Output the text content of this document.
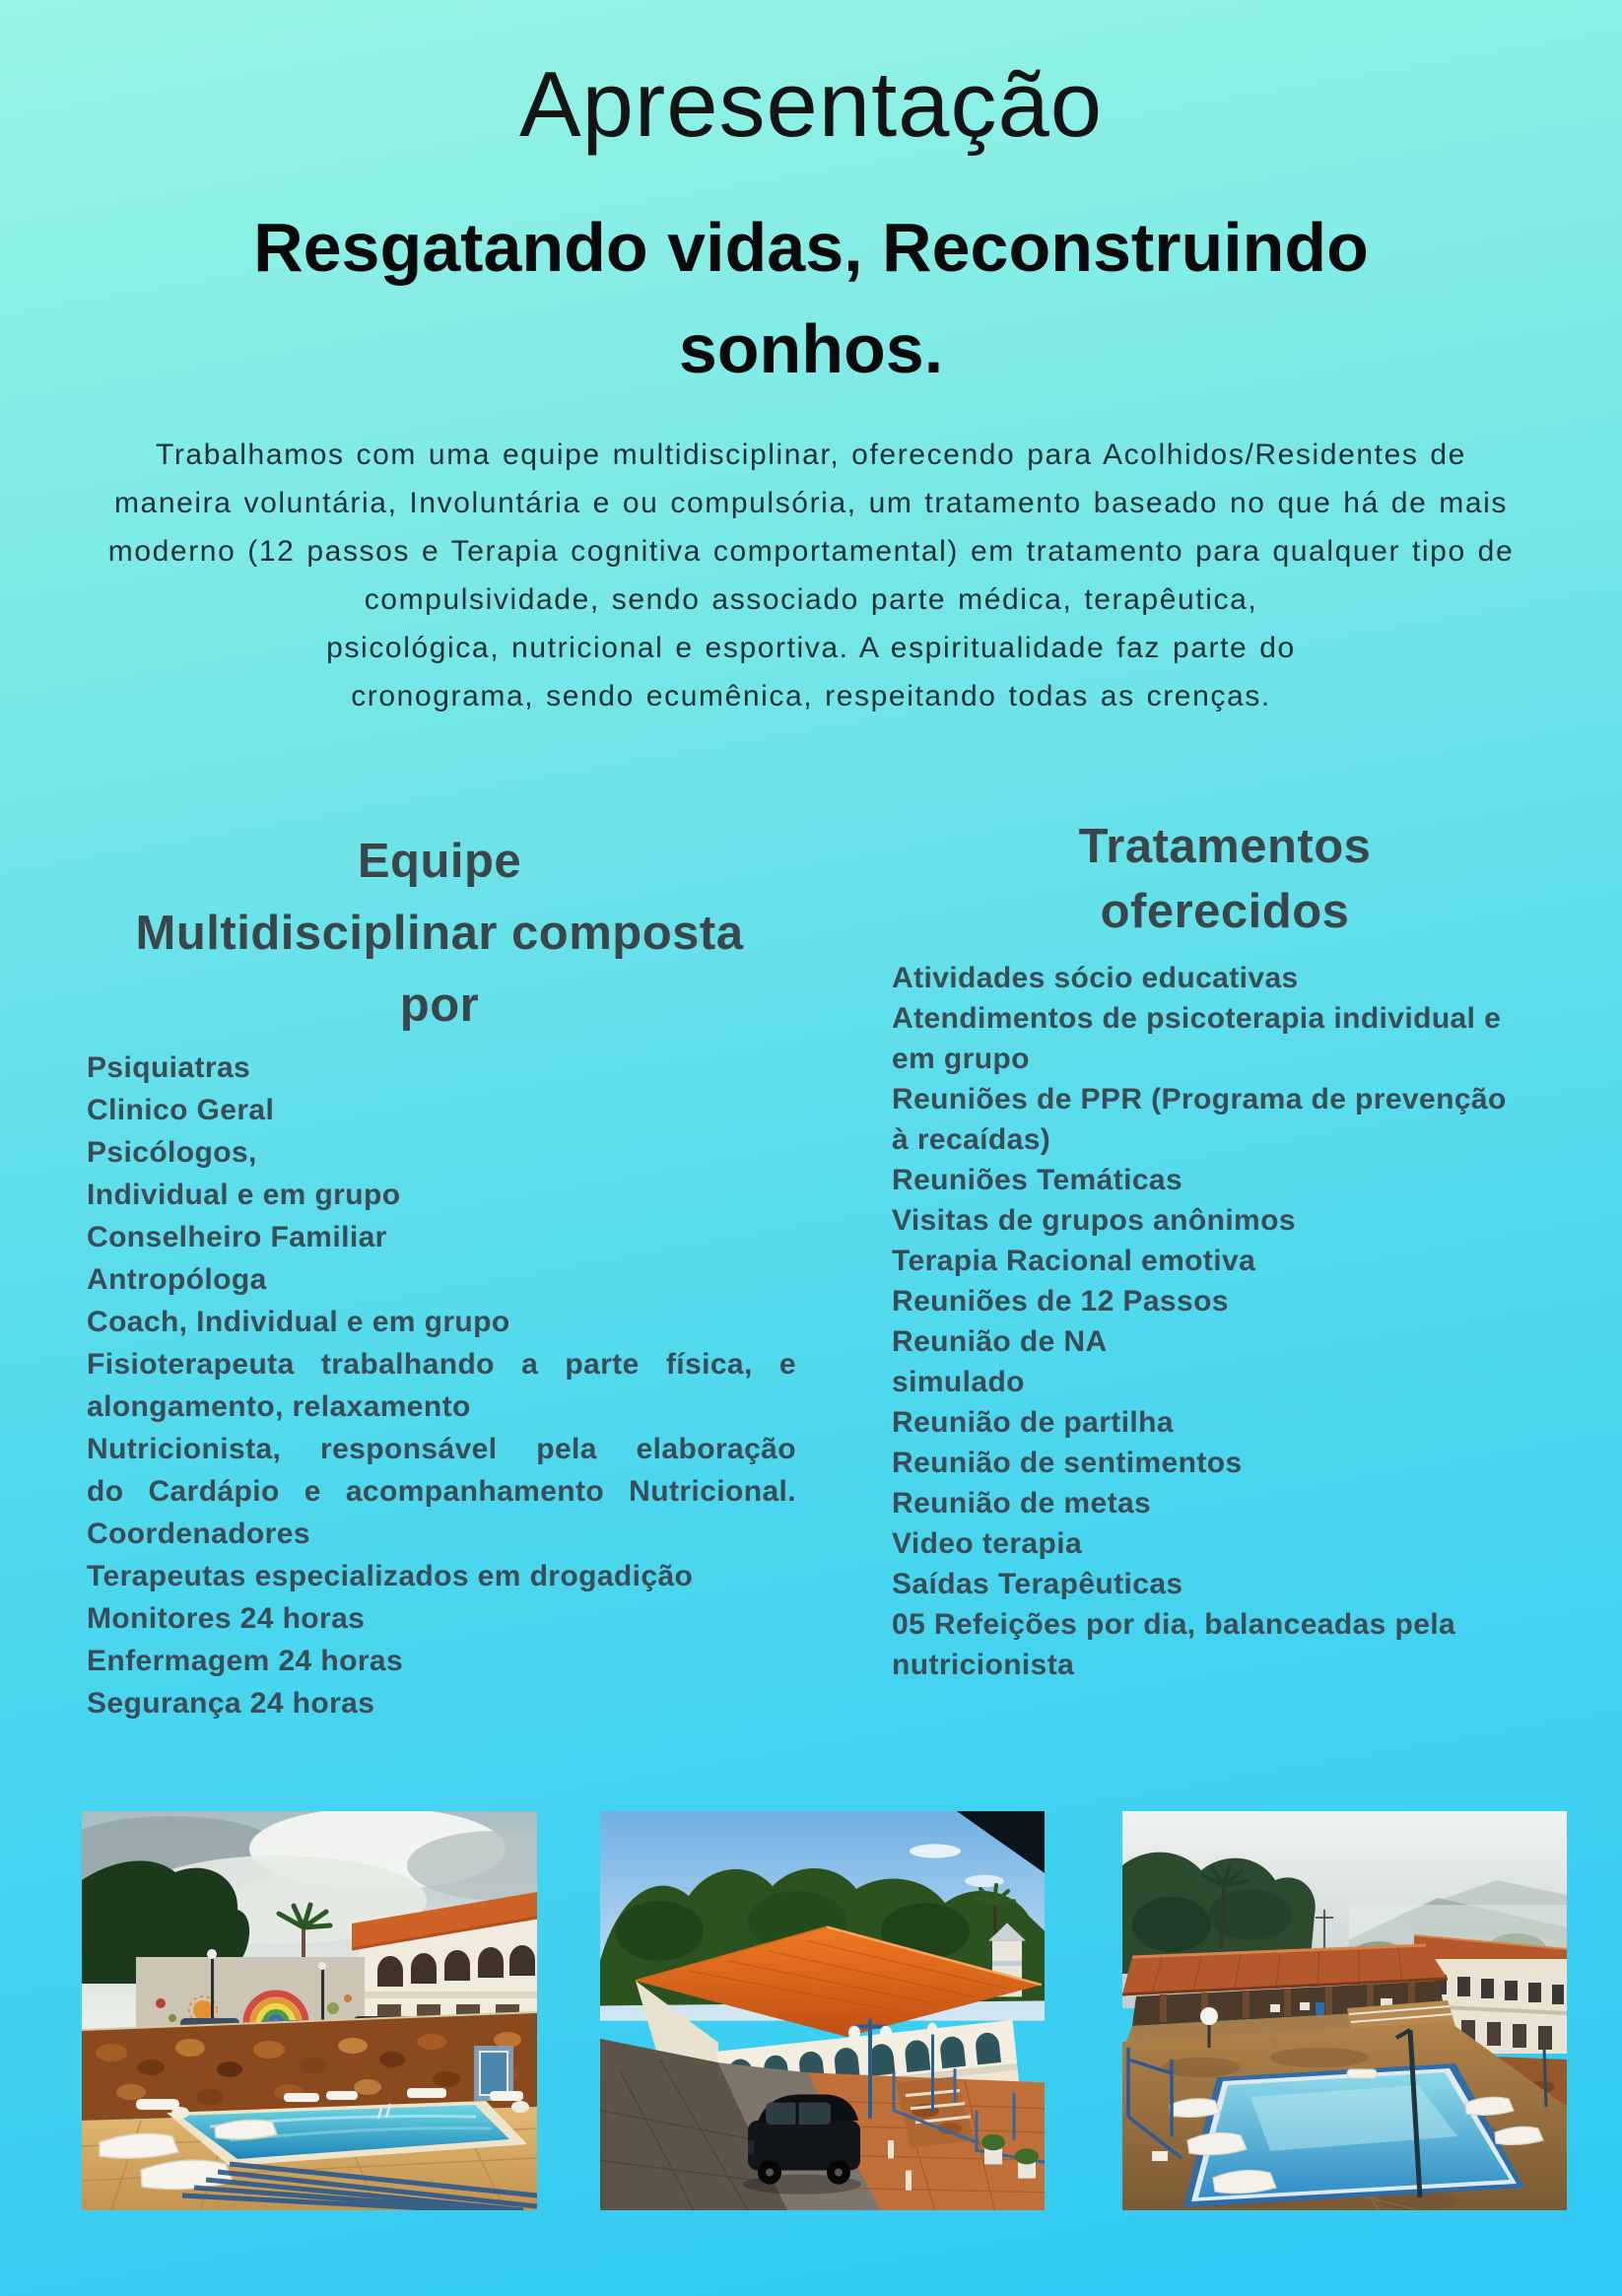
Apresentação
Resgatando vidas, Reconstruindo sonhos.
Trabalhamos com uma equipe multidisciplinar, oferecendo para Acolhidos/Residentes de
maneira voluntária, Involuntária e ou compulsória, um tratamento baseado no que há de mais
moderno (12 passos e Terapia cognitiva comportamental) em tratamento para qualquer tipo de
compulsividade, sendo associado parte médica, terapêutica,
psicológica, nutricional e esportiva. A espiritualidade faz parte do
cronograma, sendo ecumênica, respeitando todas as crenças.
Equipe
Multidisciplinar composta
por
Psiquiatras
Clinico Geral
Psicólogos,
Individual e em grupo
Conselheiro Familiar
Antropóloga
Coach, Individual e em grupo
Fisioterapeuta trabalhando a parte física, e
alongamento, relaxamento
Nutricionista, responsável pela elaboração
do Cardápio e acompanhamento Nutricional.
Coordenadores
Terapeutas especializados em drogadição
Monitores 24 horas
Enfermagem 24 horas
Segurança 24 horas
Tratamentos
oferecidos
Atividades sócio educativas
Atendimentos de psicoterapia individual e
em grupo
Reuniões de PPR (Programa de prevenção
à recaídas)
Reuniões Temáticas
Visitas de grupos anônimos
Terapia Racional emotiva
Reuniões de 12 Passos
Reunião de NA
simulado
Reunião de partilha
Reunião de sentimentos
Reunião de metas
Video terapia
Saídas Terapêuticas
05 Refeições por dia, balanceadas pela
nutricionista
